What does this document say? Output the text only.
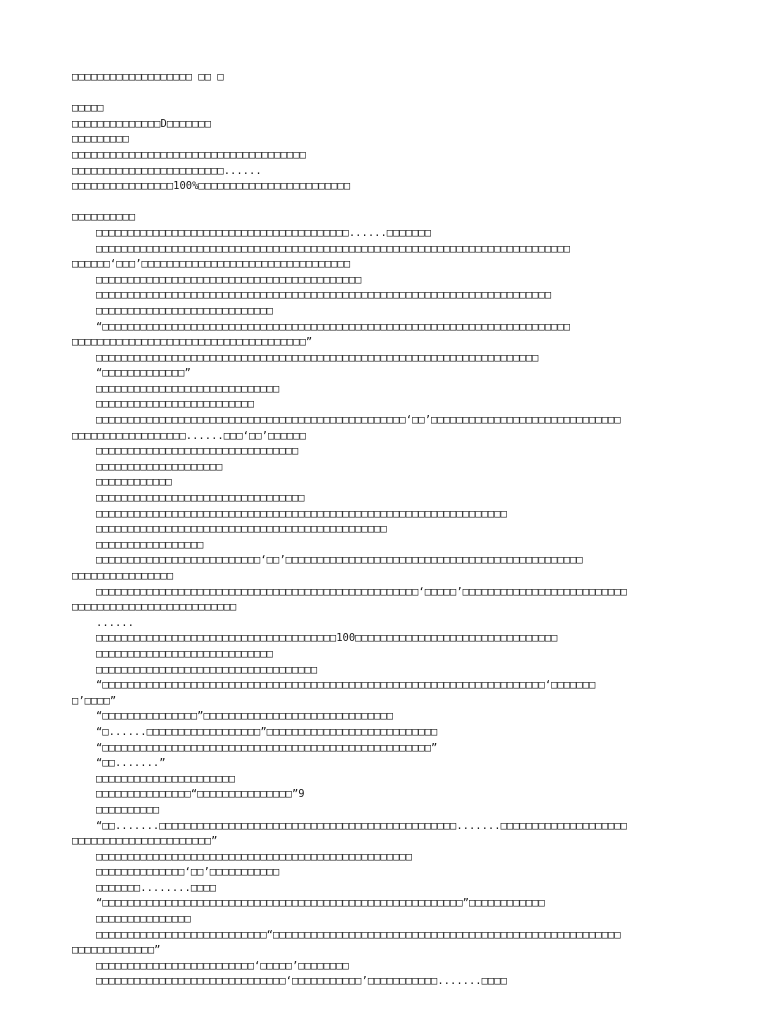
□□□□□□□□□□□□□□□□□□□ □□ □
□□□□□
□□□□□□□□□□□□□□D□□□□□□□
□□□□□□□□□
□□□□□□□□□□□□□□□□□□□□□□□□□□□□□□□□□□□□□
□□□□□□□□□□□□□□□□□□□□□□□□......
□□□□□□□□□□□□□□□□100%□□□□□□□□□□□□□□□□□□□□□□□□
□□□□□□□□□□
□□□□□□□□□□□□□□□□□□□□□□□□□□□□□□□□□□□□□□□□......□□□□□□□
□□□□□□□□□□□□□□□□□□□□□□□□□□□□□□□□□□□□□□□□□□□□□□□□□□□□□□□□□□□□□□□□□□□□□□□□□□□
□□□□□□‘□□□’□□□□□□□□□□□□□□□□□□□□□□□□□□□□□□□□□
□□□□□□□□□□□□□□□□□□□□□□□□□□□□□□□□□□□□□□□□□□
□□□□□□□□□□□□□□□□□□□□□□□□□□□□□□□□□□□□□□□□□□□□□□□□□□□□□□□□□□□□□□□□□□□□□□□□
□□□□□□□□□□□□□□□□□□□□□□□□□□□□
“□□□□□□□□□□□□□□□□□□□□□□□□□□□□□□□□□□□□□□□□□□□□□□□□□□□□□□□□□□□□□□□□□□□□□□□□□□
□□□□□□□□□□□□□□□□□□□□□□□□□□□□□□□□□□□□□”
□□□□□□□□□□□□□□□□□□□□□□□□□□□□□□□□□□□□□□□□□□□□□□□□□□□□□□□□□□□□□□□□□□□□□□
“□□□□□□□□□□□□□”
□□□□□□□□□□□□□□□□□□□□□□□□□□□□□
□□□□□□□□□□□□□□□□□□□□□□□□□
□□□□□□□□□□□□□□□□□□□□□□□□□□□□□□□□□□□□□□□□□□□□□□□□□‘□□’□□□□□□□□□□□□□□□□□□□□□□□□□□□□□□
□□□□□□□□□□□□□□□□□□......□□□‘□□’□□□□□□
□□□□□□□□□□□□□□□□□□□□□□□□□□□□□□□□
□□□□□□□□□□□□□□□□□□□□
□□□□□□□□□□□□
□□□□□□□□□□□□□□□□□□□□□□□□□□□□□□□□□
□□□□□□□□□□□□□□□□□□□□□□□□□□□□□□□□□□□□□□□□□□□□□□□□□□□□□□□□□□□□□□□□□
□□□□□□□□□□□□□□□□□□□□□□□□□□□□□□□□□□□□□□□□□□□□□□
□□□□□□□□□□□□□□□□□
□□□□□□□□□□□□□□□□□□□□□□□□□□‘□□’□□□□□□□□□□□□□□□□□□□□□□□□□□□□□□□□□□□□□□□□□□□□□□□
□□□□□□□□□□□□□□□□
□□□□□□□□□□□□□□□□□□□□□□□□□□□□□□□□□□□□□□□□□□□□□□□□□□□‘□□□□□’□□□□□□□□□□□□□□□□□□□□□□□□□□
□□□□□□□□□□□□□□□□□□□□□□□□□□
......
□□□□□□□□□□□□□□□□□□□□□□□□□□□□□□□□□□□□□□100□□□□□□□□□□□□□□□□□□□□□□□□□□□□□□□□
□□□□□□□□□□□□□□□□□□□□□□□□□□□□
□□□□□□□□□□□□□□□□□□□□□□□□□□□□□□□□□□□
“□□□□□□□□□□□□□□□□□□□□□□□□□□□□□□□□□□□□□□□□□□□□□□□□□□□□□□□□□□□□□□□□□□□□□□‘□□□□□□□
□’□□□□”
“□□□□□□□□□□□□□□□”□□□□□□□□□□□□□□□□□□□□□□□□□□□□□□
“□......□□□□□□□□□□□□□□□□□□”□□□□□□□□□□□□□□□□□□□□□□□□□□□
“□□□□□□□□□□□□□□□□□□□□□□□□□□□□□□□□□□□□□□□□□□□□□□□□□□□□”
“□□.......”
□□□□□□□□□□□□□□□□□□□□□□
□□□□□□□□□□□□□□□“□□□□□□□□□□□□□□□”9
□□□□□□□□□□
“□□.......□□□□□□□□□□□□□□□□□□□□□□□□□□□□□□□□□□□□□□□□□□□□□□□.......□□□□□□□□□□□□□□□□□□□□
□□□□□□□□□□□□□□□□□□□□□□”
□□□□□□□□□□□□□□□□□□□□□□□□□□□□□□□□□□□□□□□□□□□□□□□□□□
□□□□□□□□□□□□□□‘□□’□□□□□□□□□□□
□□□□□□□........□□□□
“□□□□□□□□□□□□□□□□□□□□□□□□□□□□□□□□□□□□□□□□□□□□□□□□□□□□□□□□□”□□□□□□□□□□□□
□□□□□□□□□□□□□□□
□□□□□□□□□□□□□□□□□□□□□□□□□□□“□□□□□□□□□□□□□□□□□□□□□□□□□□□□□□□□□□□□□□□□□□□□□□□□□□□□□□□
□□□□□□□□□□□□□”
□□□□□□□□□□□□□□□□□□□□□□□□□‘□□□□□’□□□□□□□□
□□□□□□□□□□□□□□□□□□□□□□□□□□□□□□‘□□□□□□□□□□□’□□□□□□□□□□□.......□□□□
